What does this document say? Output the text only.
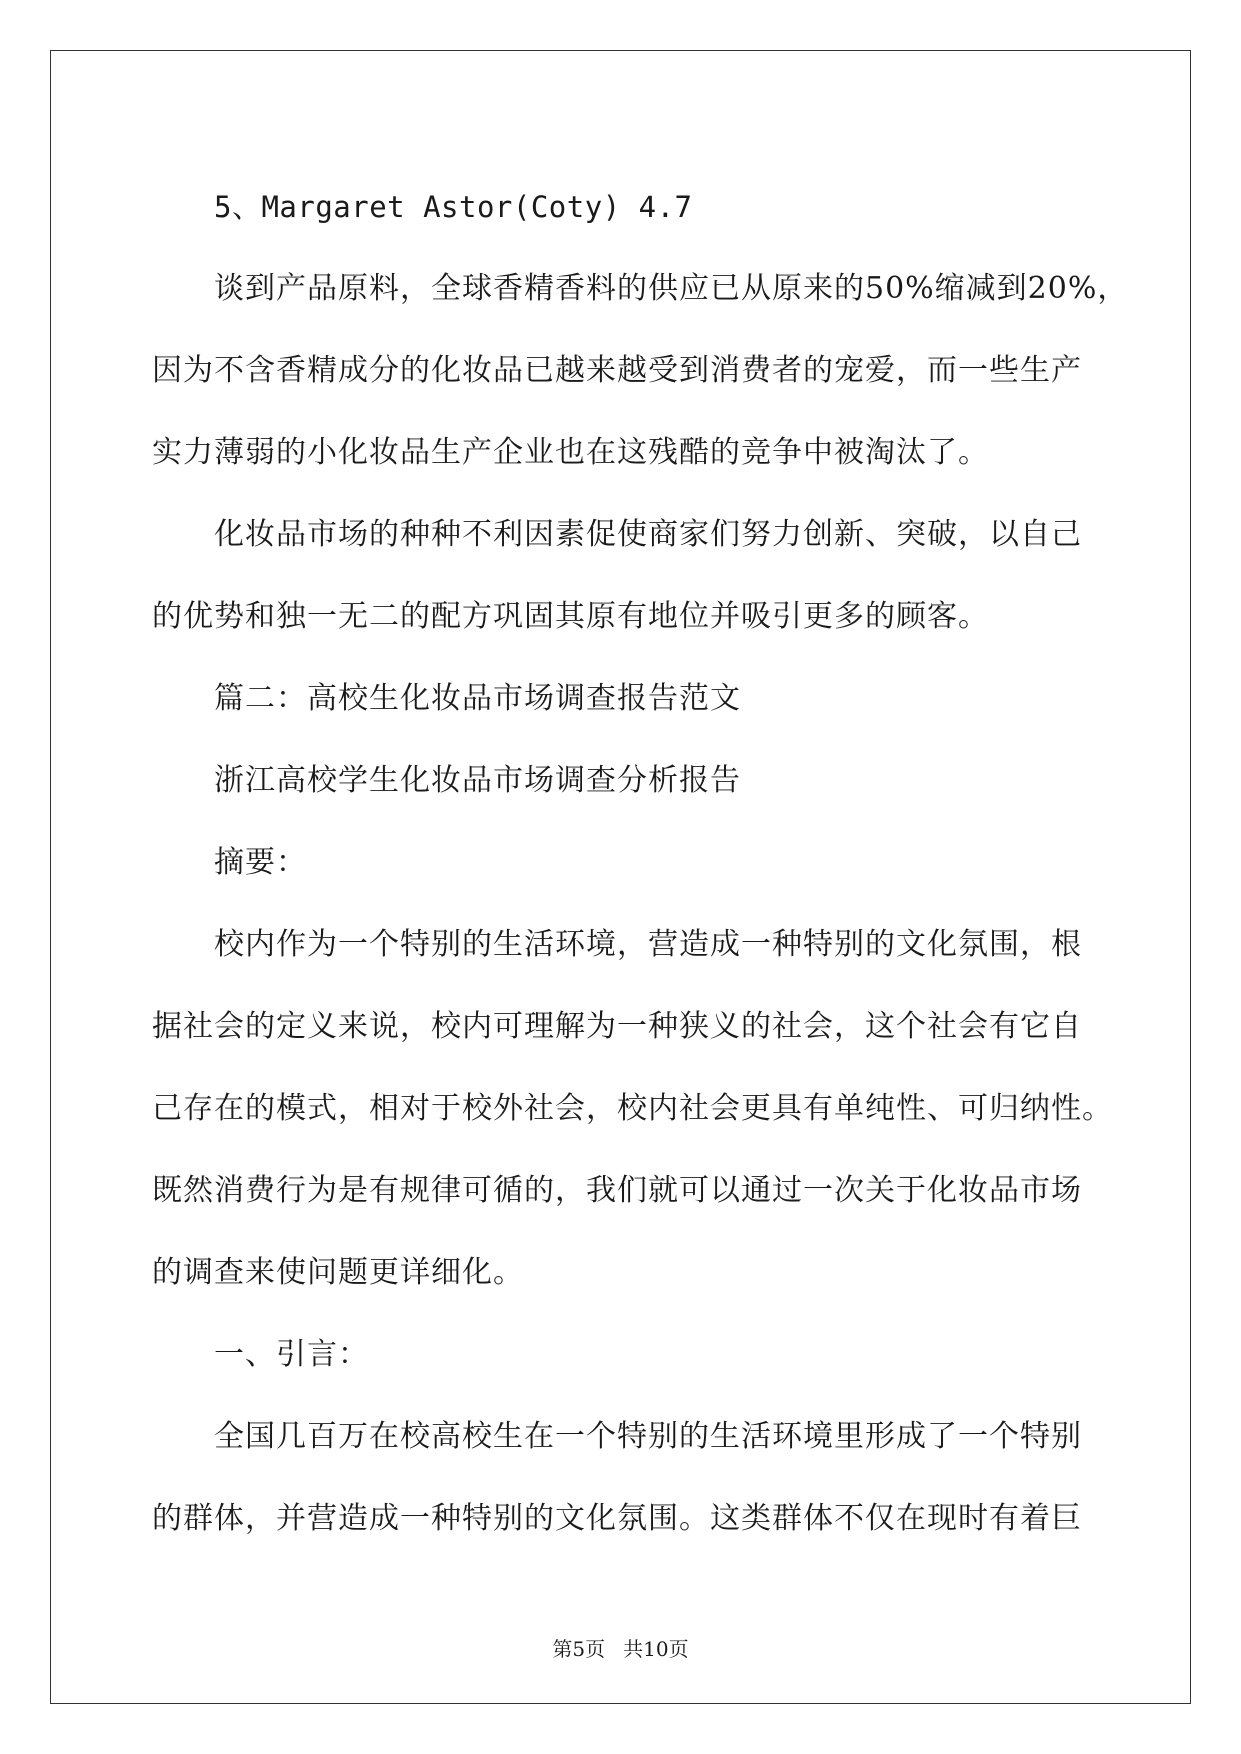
5、Margaret Astor(Coty) 4.7
谈到产品原料，全球香精香料的供应已从原来的50%缩减到20%，
因为不含香精成分的化妆品已越来越受到消费者的宠爱，而一些生产
实力薄弱的小化妆品生产企业也在这残酷的竞争中被淘汰了。
化妆品市场的种种不利因素促使商家们努力创新、突破，以自己
的优势和独一无二的配方巩固其原有地位并吸引更多的顾客。
篇二：高校生化妆品市场调查报告范文
浙江高校学生化妆品市场调查分析报告
摘要：
校内作为一个特别的生活环境，营造成一种特别的文化氛围，根
据社会的定义来说，校内可理解为一种狭义的社会，这个社会有它自
己存在的模式，相对于校外社会，校内社会更具有单纯性、可归纳性。
既然消费行为是有规律可循的，我们就可以通过一次关于化妆品市场
的调查来使问题更详细化。
一、引言：
全国几百万在校高校生在一个特别的生活环境里形成了一个特别
的群体，并营造成一种特别的文化氛围。这类群体不仅在现时有着巨
第5页 共10页
